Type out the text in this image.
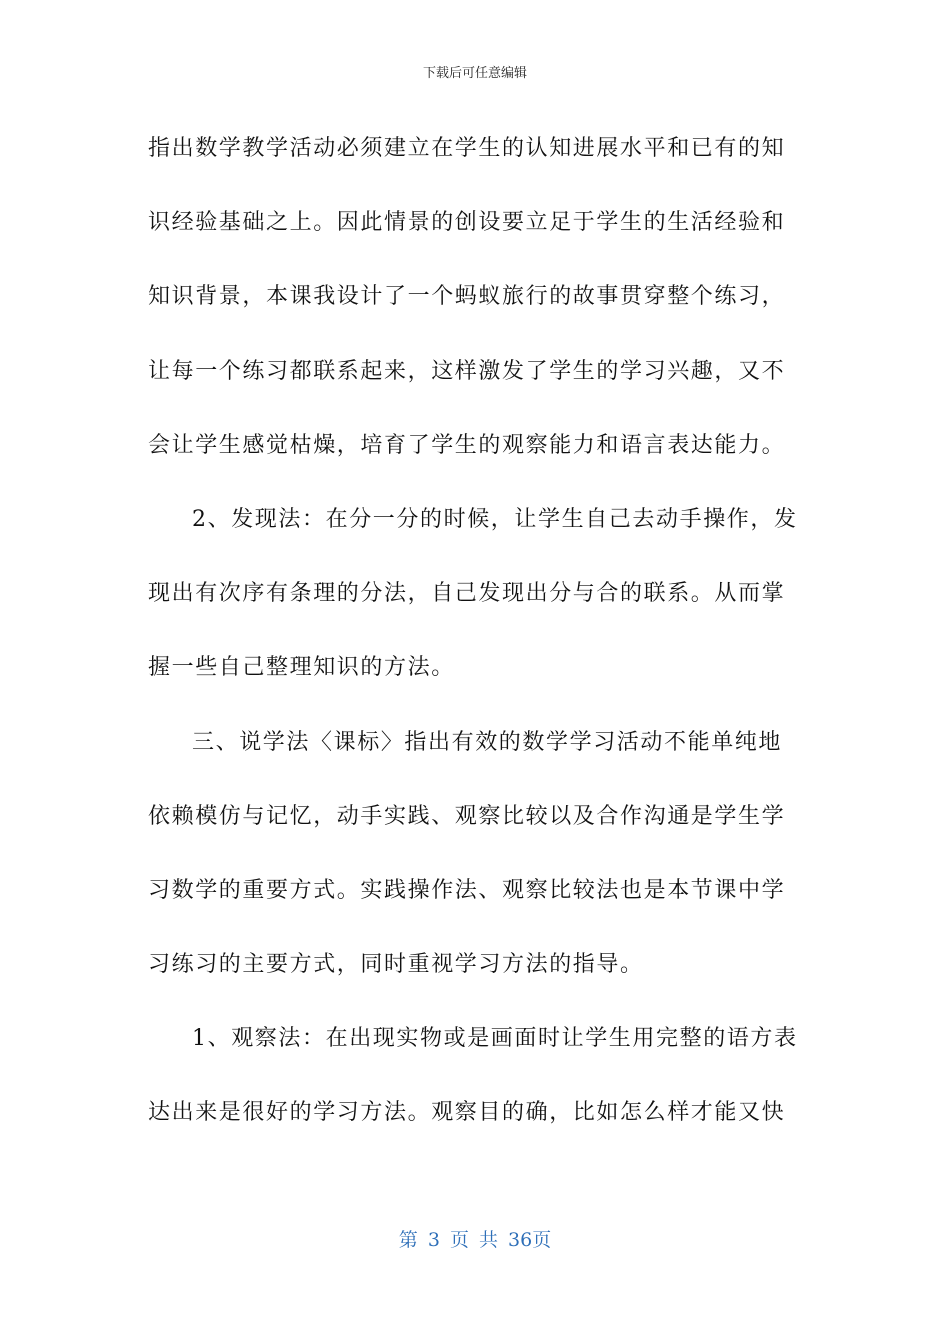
下载后可任意编辑
指出数学教学活动必须建立在学生的认知进展水平和已有的知
识经验基础之上。因此情景的创设要立足于学生的生活经验和
知识背景，本课我设计了一个蚂蚁旅行的故事贯穿整个练习，
让每一个练习都联系起来，这样激发了学生的学习兴趣，又不
会让学生感觉枯燥，培育了学生的观察能力和语言表达能力。
2、发现法：在分一分的时候，让学生自己去动手操作，发
现出有次序有条理的分法，自己发现出分与合的联系。从而掌
握一些自己整理知识的方法。
三、说学法〈课标〉指出有效的数学学习活动不能单纯地
依赖模仿与记忆，动手实践、观察比较以及合作沟通是学生学
习数学的重要方式。实践操作法、观察比较法也是本节课中学
习练习的主要方式，同时重视学习方法的指导。
1、观察法：在出现实物或是画面时让学生用完整的语方表
达出来是很好的学习方法。观察目的确，比如怎么样才能又快
第 3 页 共 36页
